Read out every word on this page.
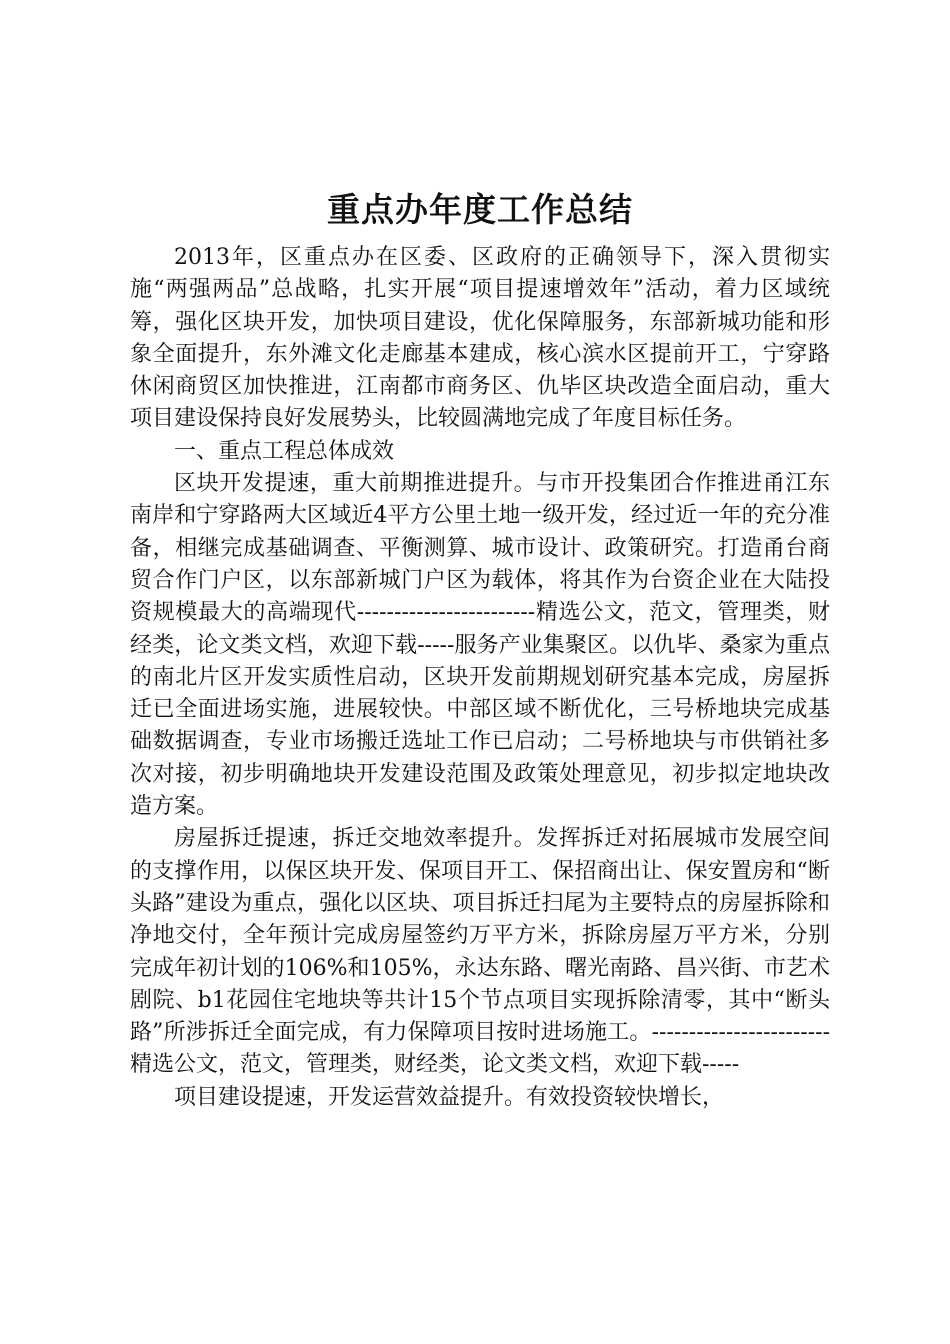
重点办年度工作总结

2013年，区重点办在区委、区政府的正确领导下，深入贯彻实施“两强两品”总战略，扎实开展“项目提速增效年”活动，着力区域统筹，强化区块开发，加快项目建设，优化保障服务，东部新城功能和形象全面提升，东外滩文化走廊基本建成，核心滨水区提前开工，宁穿路休闲商贸区加快推进，江南都市商务区、仇毕区块改造全面启动，重大项目建设保持良好发展势头，比较圆满地完成了年度目标任务。

一、重点工程总体成效

区块开发提速，重大前期推进提升。与市开投集团合作推进甬江东南岸和宁穿路两大区域近4平方公里土地一级开发，经过近一年的充分准备，相继完成基础调查、平衡测算、城市设计、政策研究。打造甬台商贸合作门户区，以东部新城门户区为载体，将其作为台资企业在大陆投资规模最大的高端现代------------------------精选公文，范文，管理类，财经类，论文类文档，欢迎下载-----服务产业集聚区。以仇毕、桑家为重点的南北片区开发实质性启动，区块开发前期规划研究基本完成，房屋拆迁已全面进场实施，进展较快。中部区域不断优化，三号桥地块完成基础数据调查，专业市场搬迁选址工作已启动；二号桥地块与市供销社多次对接，初步明确地块开发建设范围及政策处理意见，初步拟定地块改造方案。

房屋拆迁提速，拆迁交地效率提升。发挥拆迁对拓展城市发展空间的支撑作用，以保区块开发、保项目开工、保招商出让、保安置房和“断头路”建设为重点，强化以区块、项目拆迁扫尾为主要特点的房屋拆除和净地交付，全年预计完成房屋签约万平方米，拆除房屋万平方米，分别完成年初计划的106%和105%，永达东路、曙光南路、昌兴街、市艺术剧院、b1花园住宅地块等共计15个节点项目实现拆除清零，其中“断头路”所涉拆迁全面完成，有力保障项目按时进场施工。------------------------精选公文，范文，管理类，财经类，论文类文档，欢迎下载-----

项目建设提速，开发运营效益提升。有效投资较快增长，
